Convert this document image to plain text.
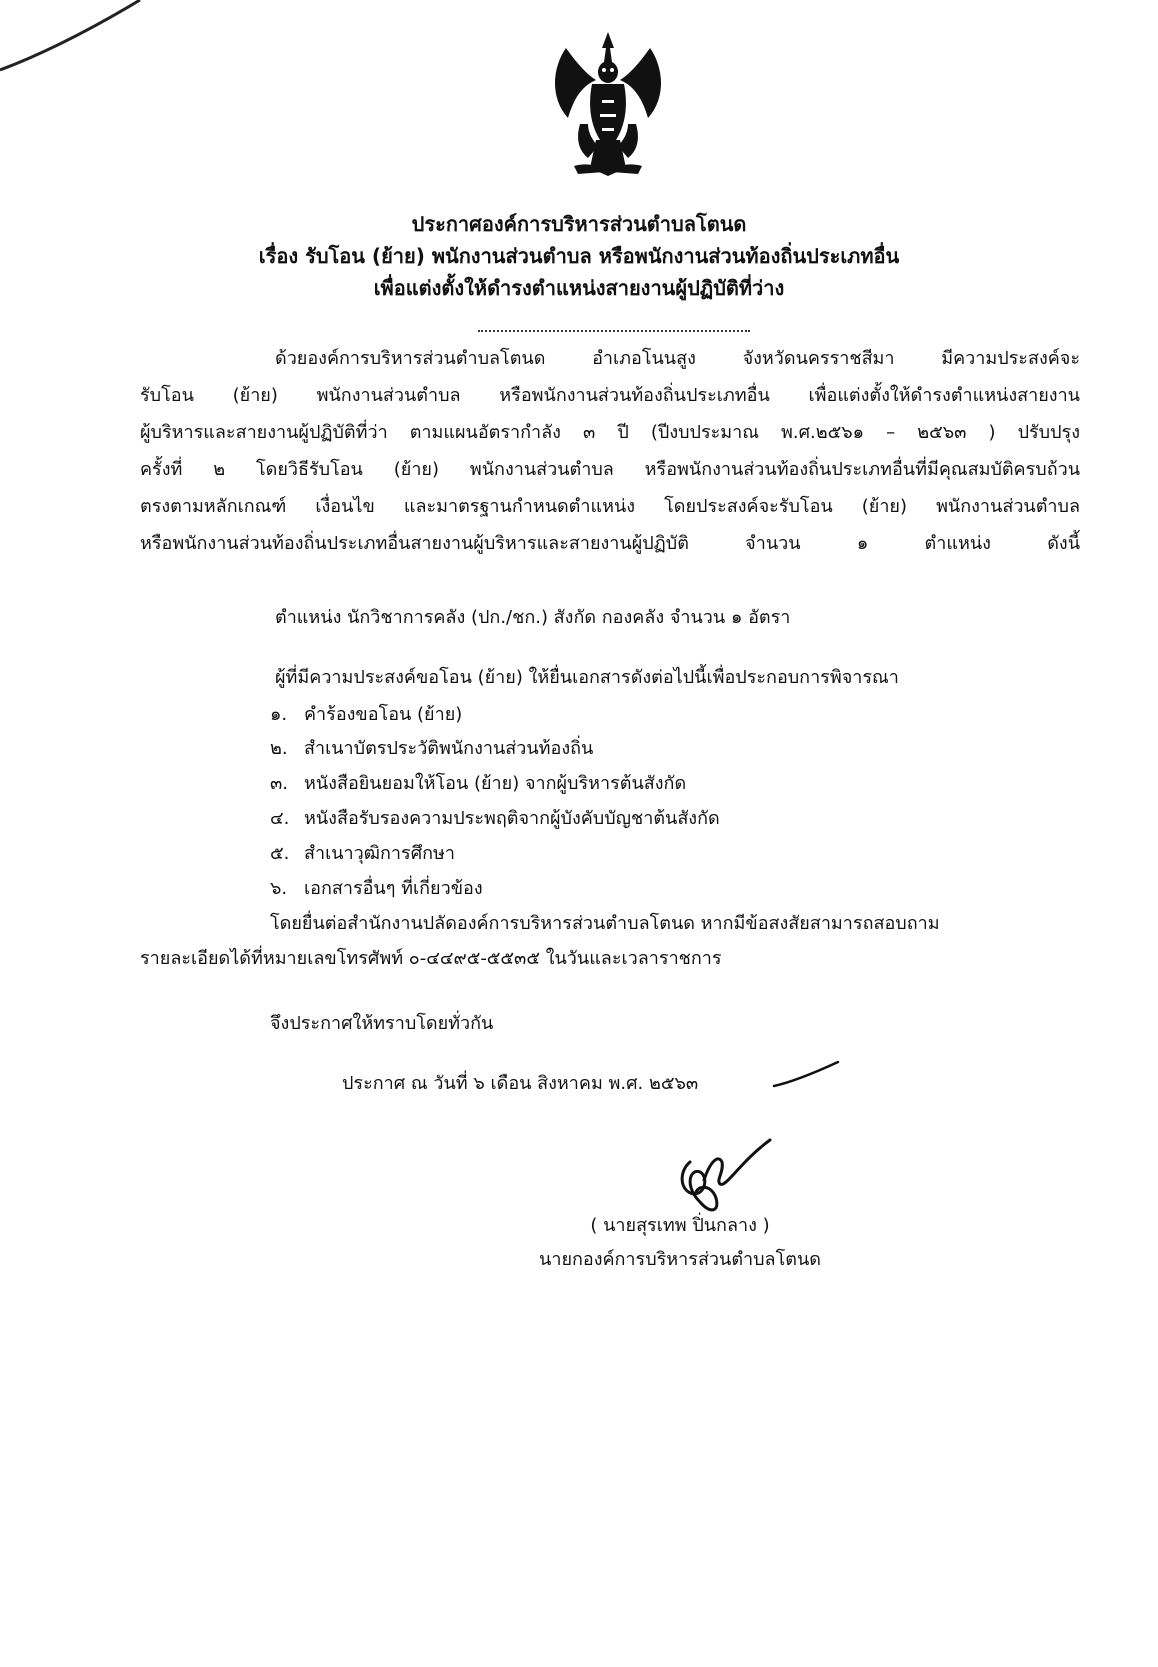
ประกาศองค์การบริหารส่วนตำบลโตนด
เรื่อง รับโอน (ย้าย) พนักงานส่วนตำบล หรือพนักงานส่วนท้องถิ่นประเภทอื่น
เพื่อแต่งตั้งให้ดำรงตำแหน่งสายงานผู้ปฏิบัติที่ว่าง
ด้วยองค์การบริหารส่วนตำบลโตนด อำเภอโนนสูง จังหวัดนครราชสีมา มีความประสงค์จะ
รับโอน (ย้าย) พนักงานส่วนตำบล หรือพนักงานส่วนท้องถิ่นประเภทอื่น เพื่อแต่งตั้งให้ดำรงตำแหน่งสายงาน
ผู้บริหารและสายงานผู้ปฏิบัติที่ว่า ตามแผนอัตรากำลัง ๓ ปี (ปีงบประมาณ พ.ศ.๒๕๖๑ – ๒๕๖๓ ) ปรับปรุง
ครั้งที่ ๒ โดยวิธีรับโอน (ย้าย) พนักงานส่วนตำบล หรือพนักงานส่วนท้องถิ่นประเภทอื่นที่มีคุณสมบัติครบถ้วน
ตรงตามหลักเกณฑ์ เงื่อนไข และมาตรฐานกำหนดตำแหน่ง โดยประสงค์จะรับโอน (ย้าย) พนักงานส่วนตำบล
หรือพนักงานส่วนท้องถิ่นประเภทอื่นสายงานผู้บริหารและสายงานผู้ปฏิบัติ จำนวน ๑ ตำแหน่ง ดังนี้
ตำแหน่ง นักวิชาการคลัง (ปก./ชก.) สังกัด กองคลัง จำนวน ๑ อัตรา
ผู้ที่มีความประสงค์ขอโอน (ย้าย) ให้ยื่นเอกสารดังต่อไปนี้เพื่อประกอบการพิจารณา
๑. คำร้องขอโอน (ย้าย)
๒. สำเนาบัตรประวัติพนักงานส่วนท้องถิ่น
๓. หนังสือยินยอมให้โอน (ย้าย) จากผู้บริหารต้นสังกัด
๔. หนังสือรับรองความประพฤติจากผู้บังคับบัญชาต้นสังกัด
๕. สำเนาวุฒิการศึกษา
๖. เอกสารอื่นๆ ที่เกี่ยวข้อง
โดยยื่นต่อสำนักงานปลัดองค์การบริหารส่วนตำบลโตนด หากมีข้อสงสัยสามารถสอบถาม
รายละเอียดได้ที่หมายเลขโทรศัพท์ ๐-๔๔๙๕-๕๕๓๕ ในวันและเวลาราชการ
จึงประกาศให้ทราบโดยทั่วกัน
ประกาศ ณ วันที่ ๖ เดือน สิงหาคม พ.ศ. ๒๕๖๓
( นายสุรเทพ ปิ่นกลาง )
นายกองค์การบริหารส่วนตำบลโตนด
